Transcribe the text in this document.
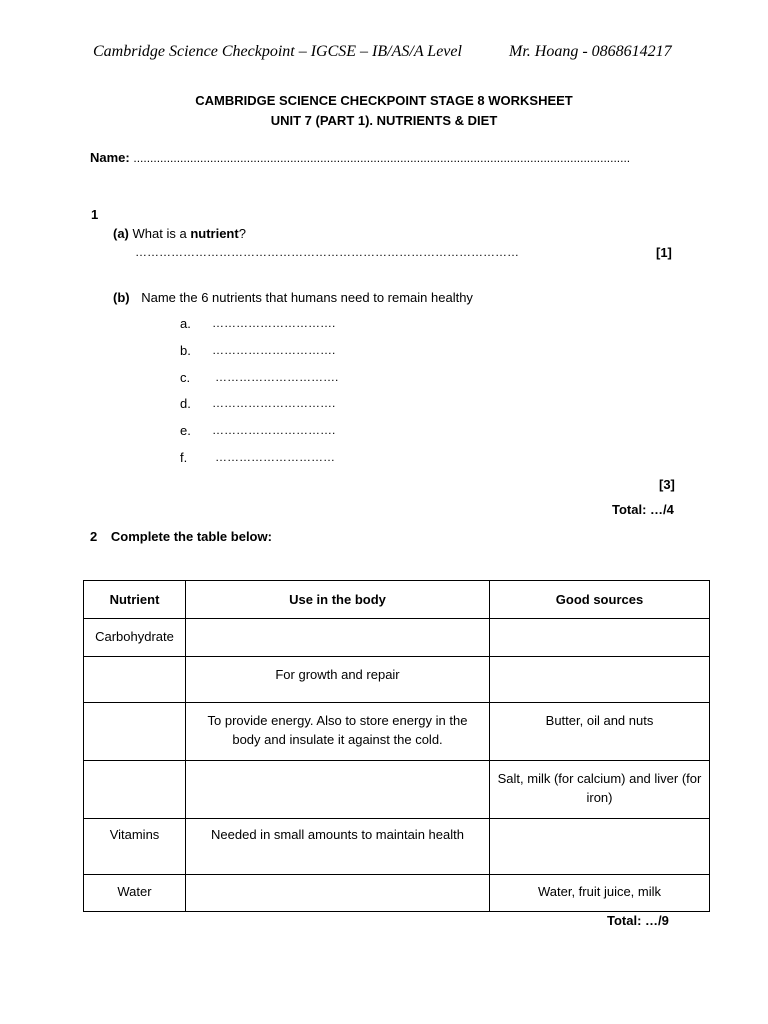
Cambridge Science Checkpoint – IGCSE – IB/AS/A Level	Mr. Hoang - 0868614217
CAMBRIDGE SCIENCE CHECKPOINT STAGE 8 WORKSHEET
UNIT 7 (PART 1). NUTRIENTS & DIET
Name: .....................................................................................................................................................
1
(a) What is a nutrient?
……………………………………………………………………………………	[1]
(b) Name the 6 nutrients that humans need to remain healthy
a. ………………………….
b. ………………………….
c. ………………………….
d. ………………………….
e. ………………………….
f. …………………………
[3]
Total: …/4
2 Complete the table below:
Nutrient	Use in the body	Good sources

Carbohydrate		

	For growth and repair	

	To provide energy. Also to store energy in the body and insulate it against the cold.	Butter, oil and nuts

		Salt, milk (for calcium) and liver (for iron)

Vitamins	Needed in small amounts to maintain health	

Water		Water, fruit juice, milk
Total: …/9
